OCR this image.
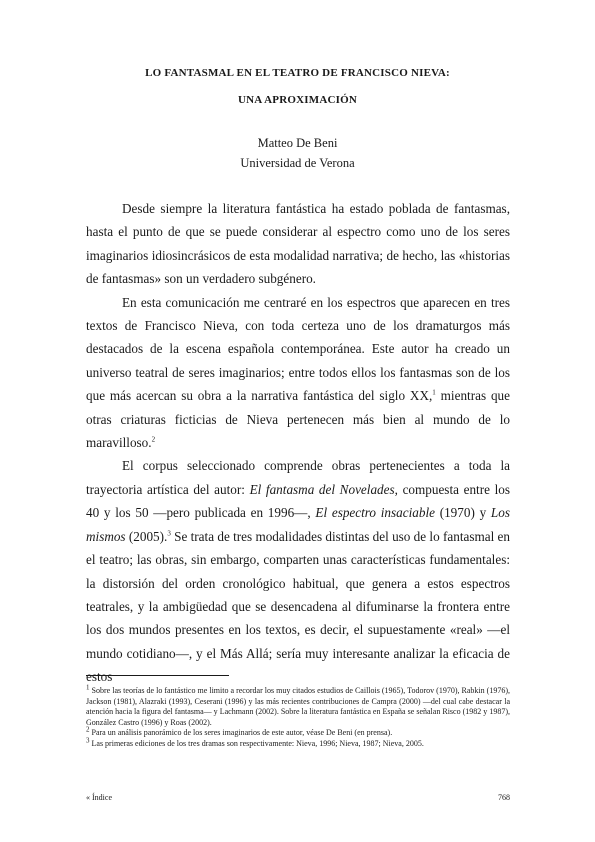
LO FANTASMAL EN EL TEATRO DE FRANCISCO NIEVA:
UNA APROXIMACIÓN
Matteo De Beni
Universidad de Verona

Desde siempre la literatura fantástica ha estado poblada de fantasmas, hasta el punto de que se puede considerar al espectro como uno de los seres imaginarios idiosincrásicos de esta modalidad narrativa; de hecho, las «historias de fantasmas» son un verdadero subgénero.

En esta comunicación me centraré en los espectros que aparecen en tres textos de Francisco Nieva, con toda certeza uno de los dramaturgos más destacados de la escena española contemporánea. Este autor ha creado un universo teatral de seres imaginarios; entre todos ellos los fantasmas son de los que más acercan su obra a la narrativa fantástica del siglo XX,$^1$ mientras que otras criaturas ficticias de Nieva pertenecen más bien al mundo de lo maravilloso.$^2$

El corpus seleccionado comprende obras pertenecientes a toda la trayectoria artística del autor: El fantasma del Novelades, compuesta entre los 40 y los 50 —pero publicada en 1996—, El espectro insaciable (1970) y Los mismos (2005).$^3$ Se trata de tres modalidades distintas del uso de lo fantasmal en el teatro; las obras, sin embargo, comparten unas características fundamentales: la distorsión del orden cronológico habitual, que genera a estos espectros teatrales, y la ambigüedad que se desencadena al difuminarse la frontera entre los dos mundos presentes en los textos, es decir, el supuestamente «real» —el mundo cotidiano—, y el Más Allá; sería muy interesante analizar la eficacia de estos

$^1$ Sobre las teorías de lo fantástico me limito a recordar los muy citados estudios de Caillois (1965), Todorov (1970), Rabkin (1976), Jackson (1981), Alazraki (1993), Ceserani (1996) y las más recientes contribuciones de Campra (2000) —del cual cabe destacar la atención hacia la figura del fantasma— y Lachmann (2002). Sobre la literatura fantástica en España se señalan Risco (1982 y 1987), González Castro (1996) y Roas (2002).

$^2$ Para un análisis panorámico de los seres imaginarios de este autor, véase De Beni (en prensa).

$^3$ Las primeras ediciones de los tres dramas son respectivamente: Nieva, 1996; Nieva, 1987; Nieva, 2005.

« Índice	768
